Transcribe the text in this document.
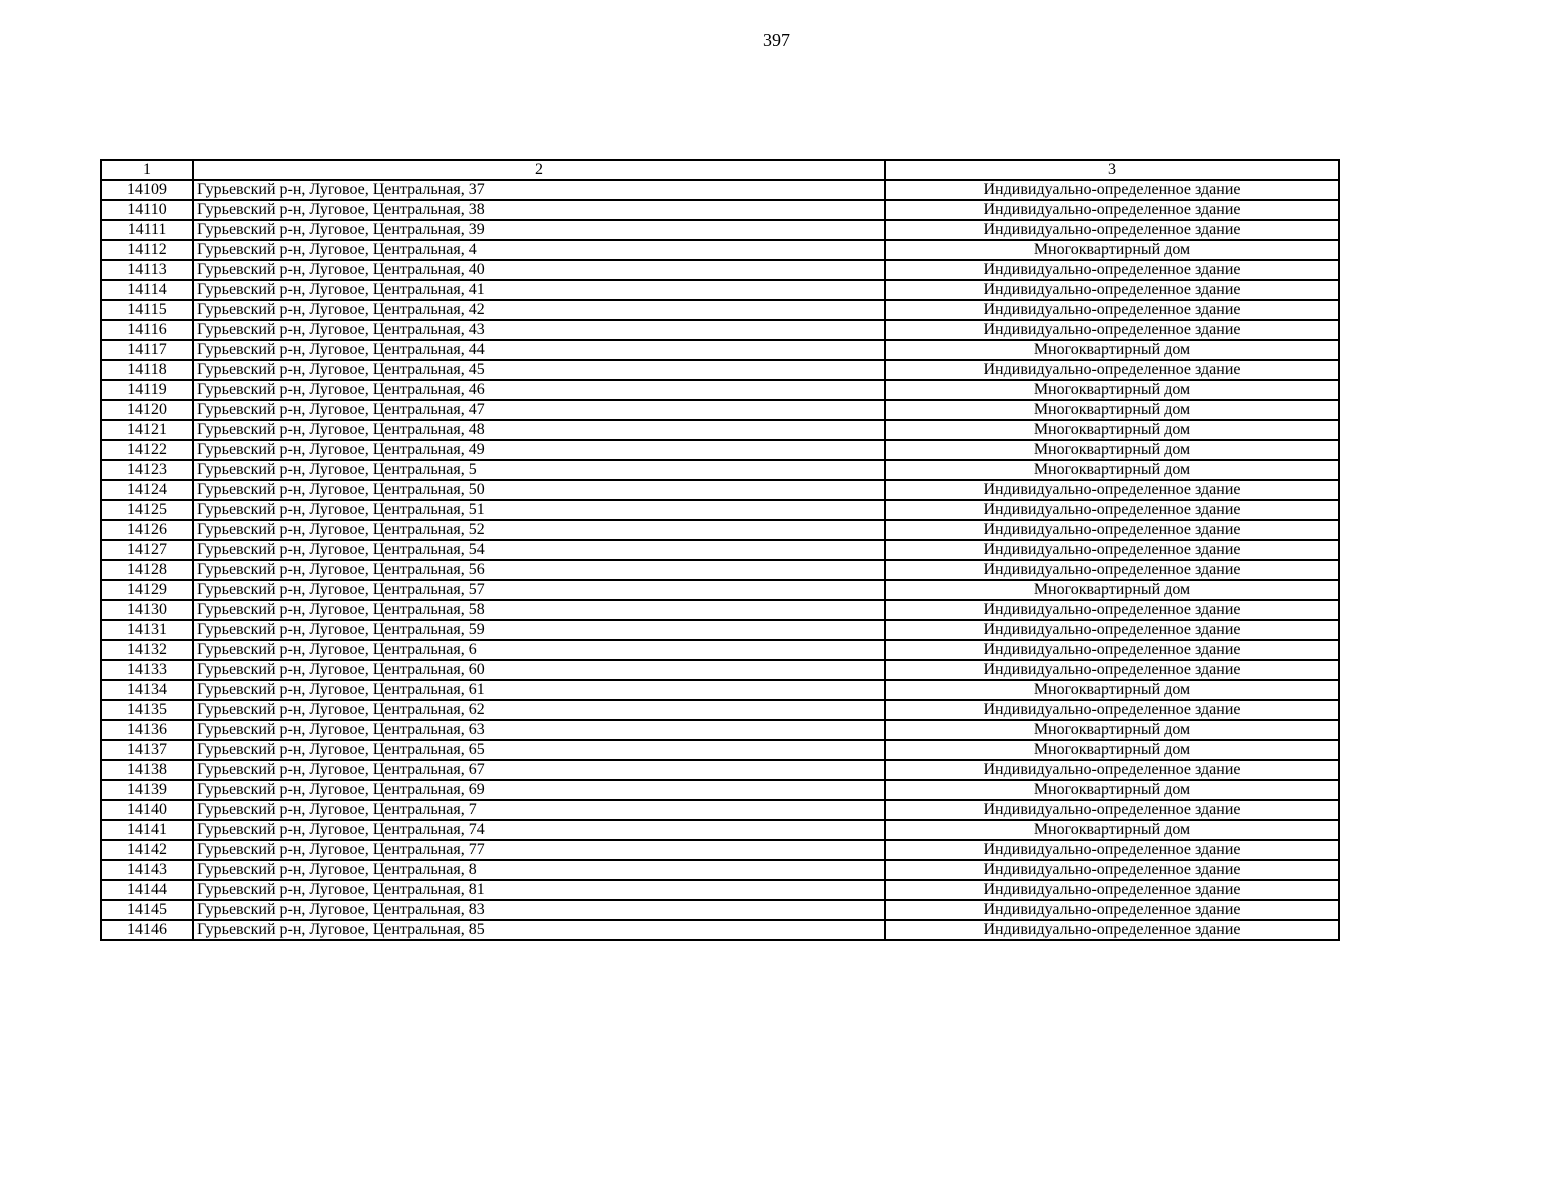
397
1	2	3
14109	Гурьевский р-н, Луговое, Центральная, 37	Индивидуально-определенное здание
14110	Гурьевский р-н, Луговое, Центральная, 38	Индивидуально-определенное здание
14111	Гурьевский р-н, Луговое, Центральная, 39	Индивидуально-определенное здание
14112	Гурьевский р-н, Луговое, Центральная, 4	Многоквартирный дом
14113	Гурьевский р-н, Луговое, Центральная, 40	Индивидуально-определенное здание
14114	Гурьевский р-н, Луговое, Центральная, 41	Индивидуально-определенное здание
14115	Гурьевский р-н, Луговое, Центральная, 42	Индивидуально-определенное здание
14116	Гурьевский р-н, Луговое, Центральная, 43	Индивидуально-определенное здание
14117	Гурьевский р-н, Луговое, Центральная, 44	Многоквартирный дом
14118	Гурьевский р-н, Луговое, Центральная, 45	Индивидуально-определенное здание
14119	Гурьевский р-н, Луговое, Центральная, 46	Многоквартирный дом
14120	Гурьевский р-н, Луговое, Центральная, 47	Многоквартирный дом
14121	Гурьевский р-н, Луговое, Центральная, 48	Многоквартирный дом
14122	Гурьевский р-н, Луговое, Центральная, 49	Многоквартирный дом
14123	Гурьевский р-н, Луговое, Центральная, 5	Многоквартирный дом
14124	Гурьевский р-н, Луговое, Центральная, 50	Индивидуально-определенное здание
14125	Гурьевский р-н, Луговое, Центральная, 51	Индивидуально-определенное здание
14126	Гурьевский р-н, Луговое, Центральная, 52	Индивидуально-определенное здание
14127	Гурьевский р-н, Луговое, Центральная, 54	Индивидуально-определенное здание
14128	Гурьевский р-н, Луговое, Центральная, 56	Индивидуально-определенное здание
14129	Гурьевский р-н, Луговое, Центральная, 57	Многоквартирный дом
14130	Гурьевский р-н, Луговое, Центральная, 58	Индивидуально-определенное здание
14131	Гурьевский р-н, Луговое, Центральная, 59	Индивидуально-определенное здание
14132	Гурьевский р-н, Луговое, Центральная, 6	Индивидуально-определенное здание
14133	Гурьевский р-н, Луговое, Центральная, 60	Индивидуально-определенное здание
14134	Гурьевский р-н, Луговое, Центральная, 61	Многоквартирный дом
14135	Гурьевский р-н, Луговое, Центральная, 62	Индивидуально-определенное здание
14136	Гурьевский р-н, Луговое, Центральная, 63	Многоквартирный дом
14137	Гурьевский р-н, Луговое, Центральная, 65	Многоквартирный дом
14138	Гурьевский р-н, Луговое, Центральная, 67	Индивидуально-определенное здание
14139	Гурьевский р-н, Луговое, Центральная, 69	Многоквартирный дом
14140	Гурьевский р-н, Луговое, Центральная, 7	Индивидуально-определенное здание
14141	Гурьевский р-н, Луговое, Центральная, 74	Многоквартирный дом
14142	Гурьевский р-н, Луговое, Центральная, 77	Индивидуально-определенное здание
14143	Гурьевский р-н, Луговое, Центральная, 8	Индивидуально-определенное здание
14144	Гурьевский р-н, Луговое, Центральная, 81	Индивидуально-определенное здание
14145	Гурьевский р-н, Луговое, Центральная, 83	Индивидуально-определенное здание
14146	Гурьевский р-н, Луговое, Центральная, 85	Индивидуально-определенное здание
